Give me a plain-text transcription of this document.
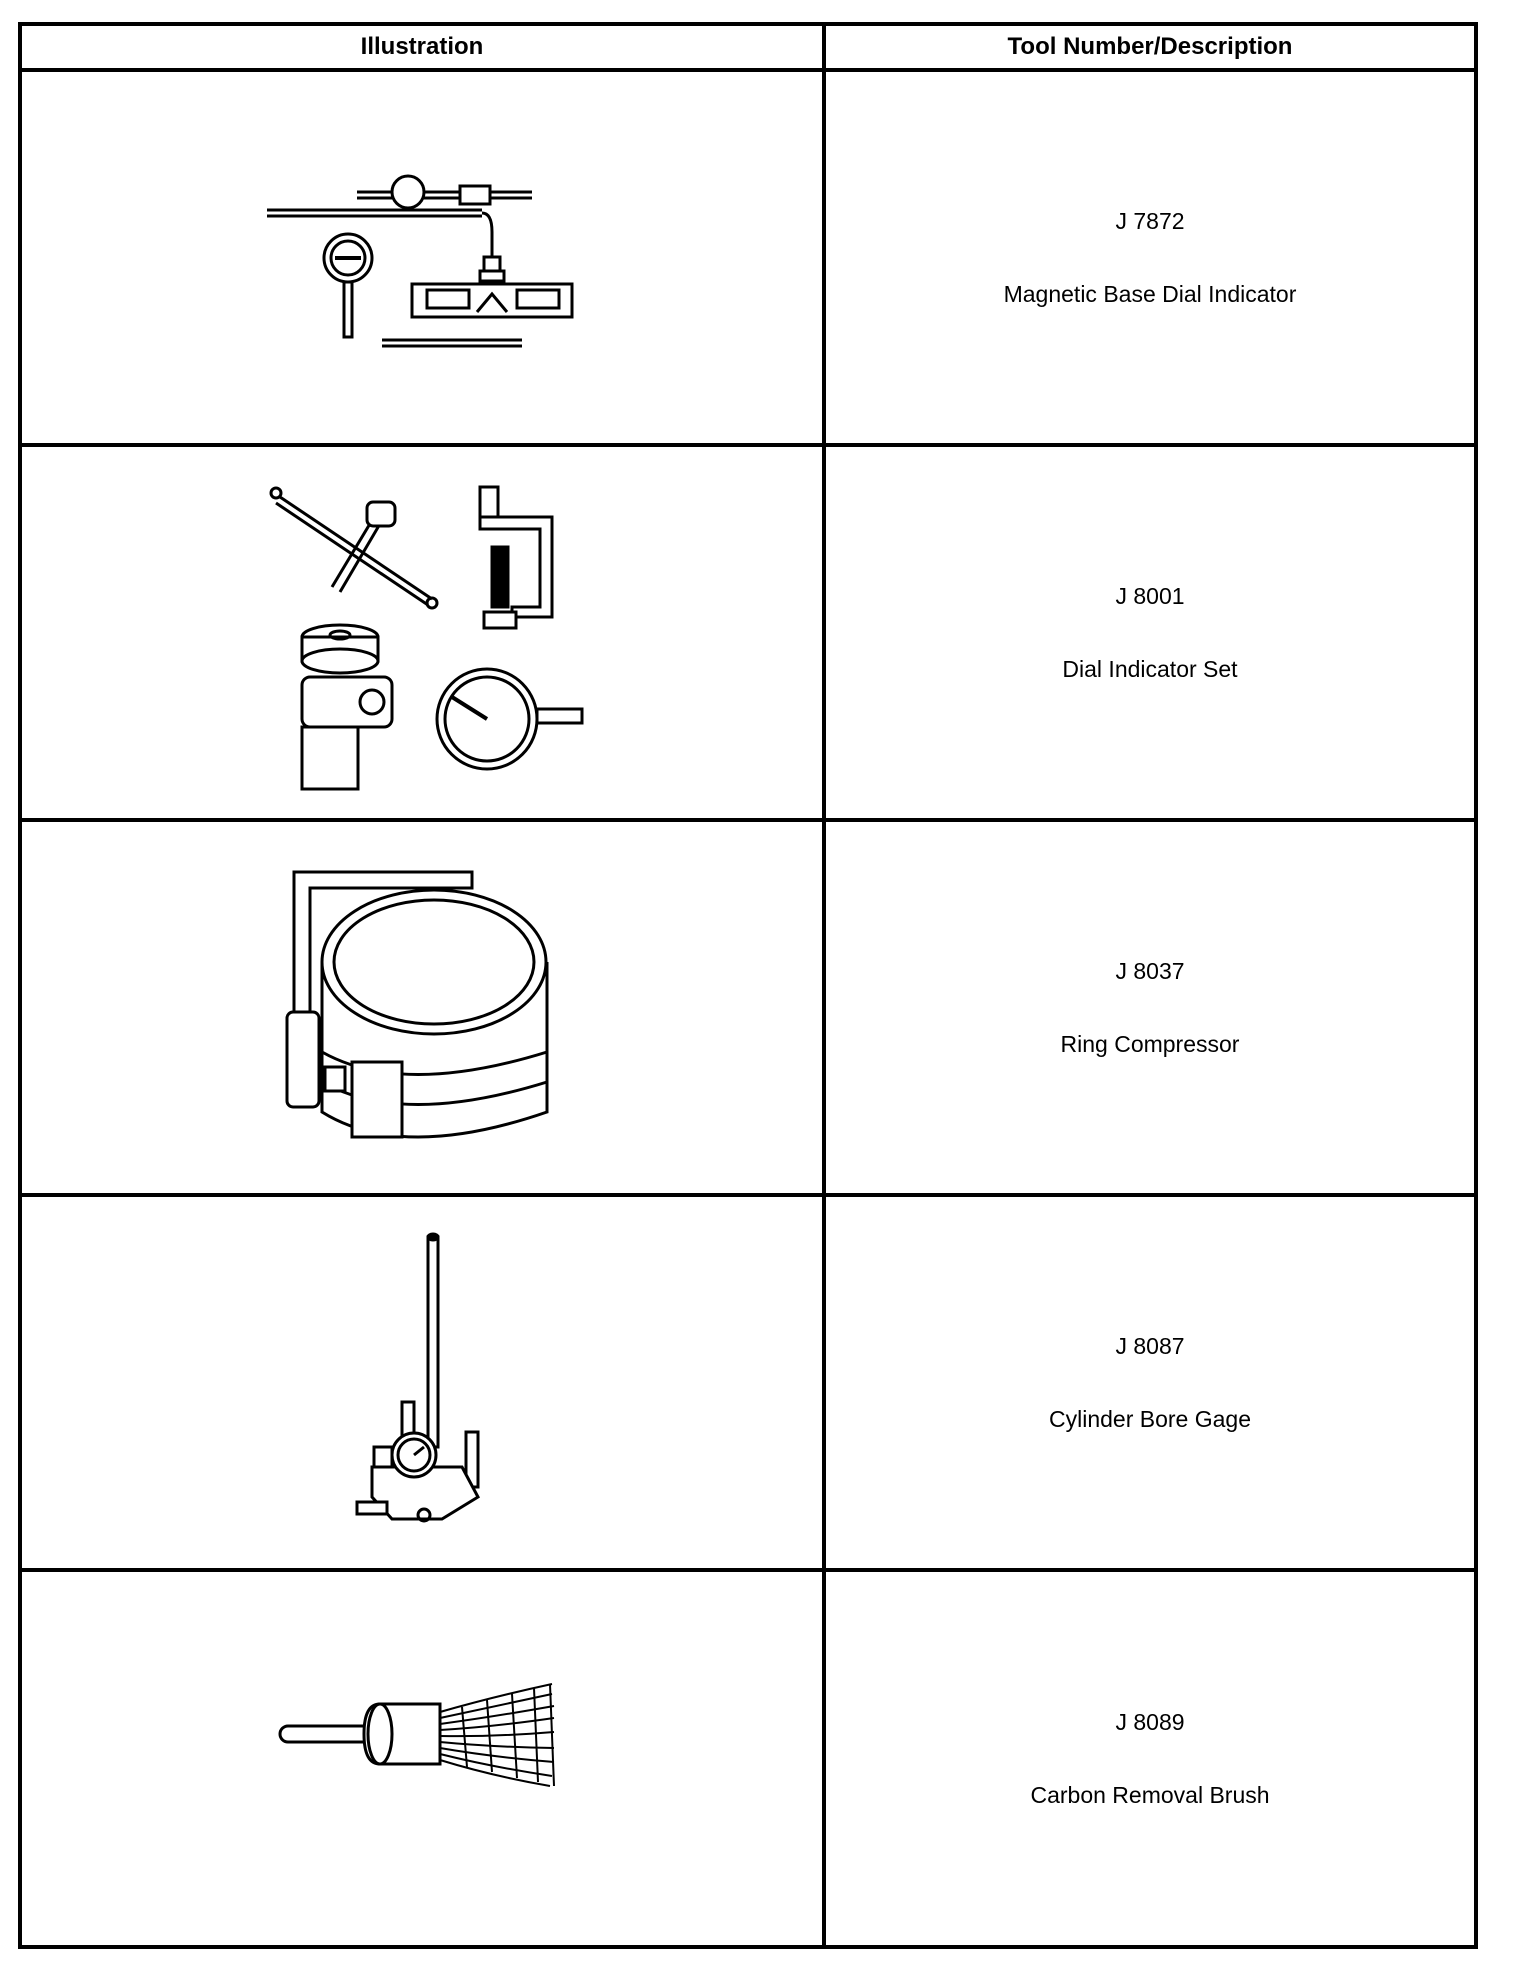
Illustration	Tool Number/Description
J 7872
Magnetic Base Dial Indicator
J 8001
Dial Indicator Set
J 8037
Ring Compressor
J 8087
Cylinder Bore Gage
J 8089
Carbon Removal Brush
